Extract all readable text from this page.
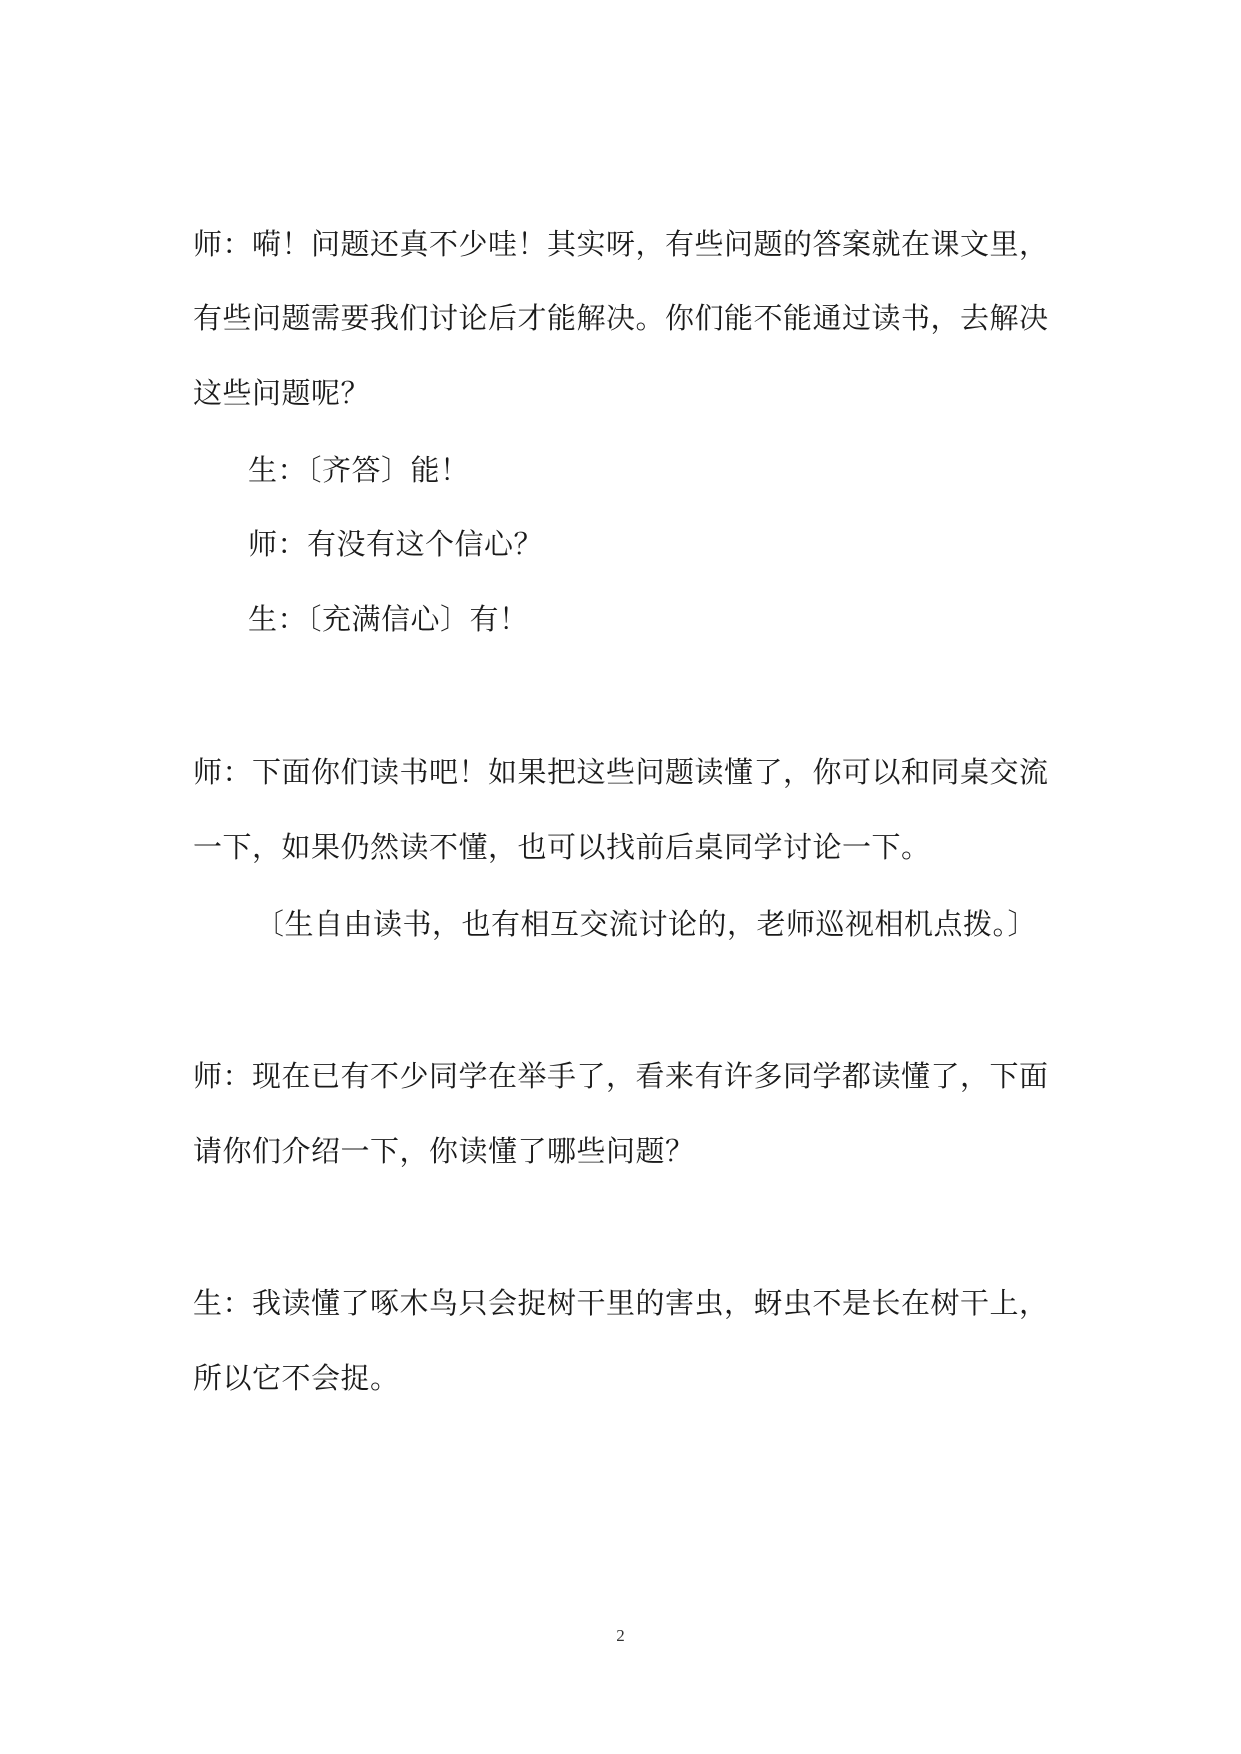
师：嗬！问题还真不少哇！其实呀，有些问题的答案就在课文里，
有些问题需要我们讨论后才能解决。你们能不能通过读书，去解决
这些问题呢？
生：〔齐答〕能！
师：有没有这个信心？
生：〔充满信心〕有！
师：下面你们读书吧！如果把这些问题读懂了，你可以和同桌交流
一下，如果仍然读不懂，也可以找前后桌同学讨论一下。
〔生自由读书，也有相互交流讨论的，老师巡视相机点拨。〕
师：现在已有不少同学在举手了，看来有许多同学都读懂了，下面
请你们介绍一下，你读懂了哪些问题？
生：我读懂了啄木鸟只会捉树干里的害虫，蚜虫不是长在树干上，
所以它不会捉。
2
